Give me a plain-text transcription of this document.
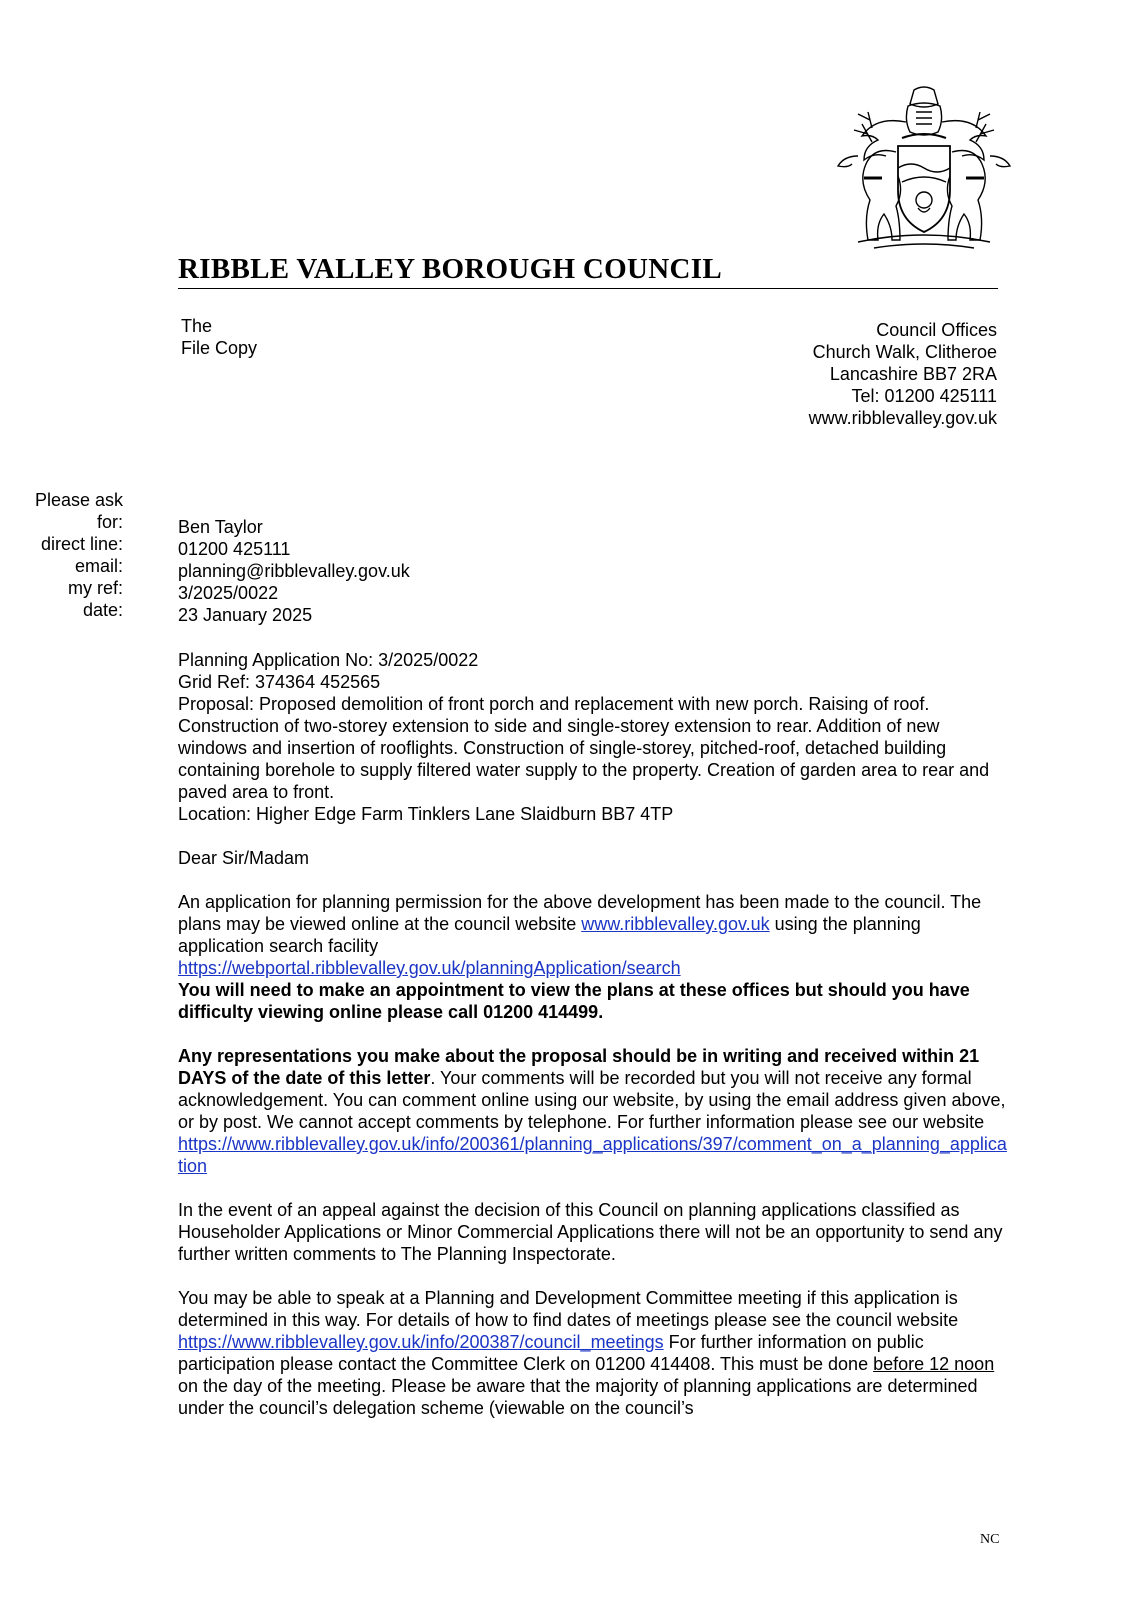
RIBBLE VALLEY BOROUGH COUNCIL
The
File Copy
Council Offices
Church Walk, Clitheroe
Lancashire BB7 2RA
Tel: 01200 425111
www.ribblevalley.gov.uk
Please ask
for:
direct line:
email:
my ref:
date:
Ben Taylor
01200 425111
planning@ribblevalley.gov.uk
3/2025/0022
23 January 2025

Planning Application No: 3/2025/0022
Grid Ref: 374364 452565
Proposal: Proposed demolition of front porch and replacement with new porch. Raising of roof. Construction of two-storey extension to side and single-storey extension to rear. Addition of new windows and insertion of rooflights. Construction of single-storey, pitched-roof, detached building containing borehole to supply filtered water supply to the property. Creation of garden area to rear and paved area to front.
Location: Higher Edge Farm Tinklers Lane Slaidburn BB7 4TP

Dear Sir/Madam

An application for planning permission for the above development has been made to the council. The plans may be viewed online at the council website www.ribblevalley.gov.uk using the planning application search facility
https://webportal.ribblevalley.gov.uk/planningApplication/search
You will need to make an appointment to view the plans at these offices but should you have difficulty viewing online please call 01200 414499.

Any representations you make about the proposal should be in writing and received within 21 DAYS of the date of this letter. Your comments will be recorded but you will not receive any formal acknowledgement. You can comment online using our website, by using the email address given above, or by post. We cannot accept comments by telephone. For further information please see our website
https://www.ribblevalley.gov.uk/info/200361/planning_applications/397/comment_on_a_planning_application

In the event of an appeal against the decision of this Council on planning applications classified as Householder Applications or Minor Commercial Applications there will not be an opportunity to send any further written comments to The Planning Inspectorate.

You may be able to speak at a Planning and Development Committee meeting if this application is determined in this way. For details of how to find dates of meetings please see the council website https://www.ribblevalley.gov.uk/info/200387/council_meetings For further information on public participation please contact the Committee Clerk on 01200 414408. This must be done before 12 noon on the day of the meeting. Please be aware that the majority of planning applications are determined under the council’s delegation scheme (viewable on the council’s

NC
